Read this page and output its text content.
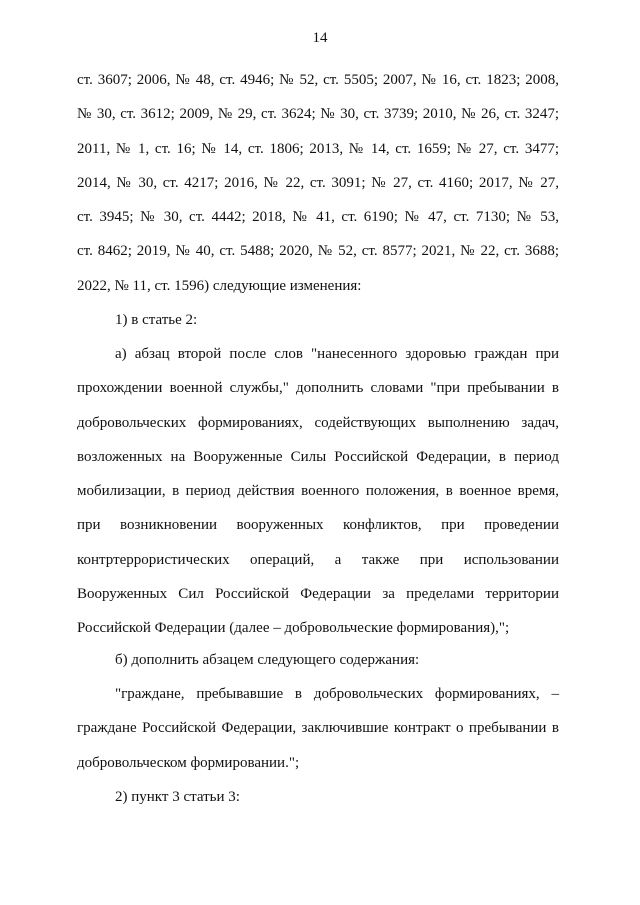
14
ст. 3607; 2006, № 48, ст. 4946; № 52, ст. 5505; 2007, № 16, ст. 1823; 2008,
№ 30, ст. 3612; 2009, № 29, ст. 3624; № 30, ст. 3739; 2010, № 26, ст. 3247;
2011, № 1, ст. 16; № 14, ст. 1806; 2013, № 14, ст. 1659; № 27, ст. 3477;
2014, № 30, ст. 4217; 2016, № 22, ст. 3091; № 27, ст. 4160; 2017, № 27,
ст. 3945; № 30, ст. 4442; 2018, № 41, ст. 6190; № 47, ст. 7130; № 53,
ст. 8462; 2019, № 40, ст. 5488; 2020, № 52, ст. 8577; 2021, № 22, ст. 3688;
2022, № 11, ст. 1596) следующие изменения:
1) в статье 2:
а) абзац второй после слов "нанесенного здоровью граждан при
прохождении военной службы," дополнить словами "при пребывании в
добровольческих формированиях, содействующих выполнению задач,
возложенных на Вооруженные Силы Российской Федерации, в период
мобилизации, в период действия военного положения, в военное время,
при возникновении вооруженных конфликтов, при проведении
контртеррористических операций, а также при использовании
Вооруженных Сил Российской Федерации за пределами территории
Российской Федерации (далее – добровольческие формирования),";
б) дополнить абзацем следующего содержания:
"граждане, пребывавшие в добровольческих формированиях, –
граждане Российской Федерации, заключившие контракт о пребывании в
добровольческом формировании.";
2) пункт 3 статьи 3:
